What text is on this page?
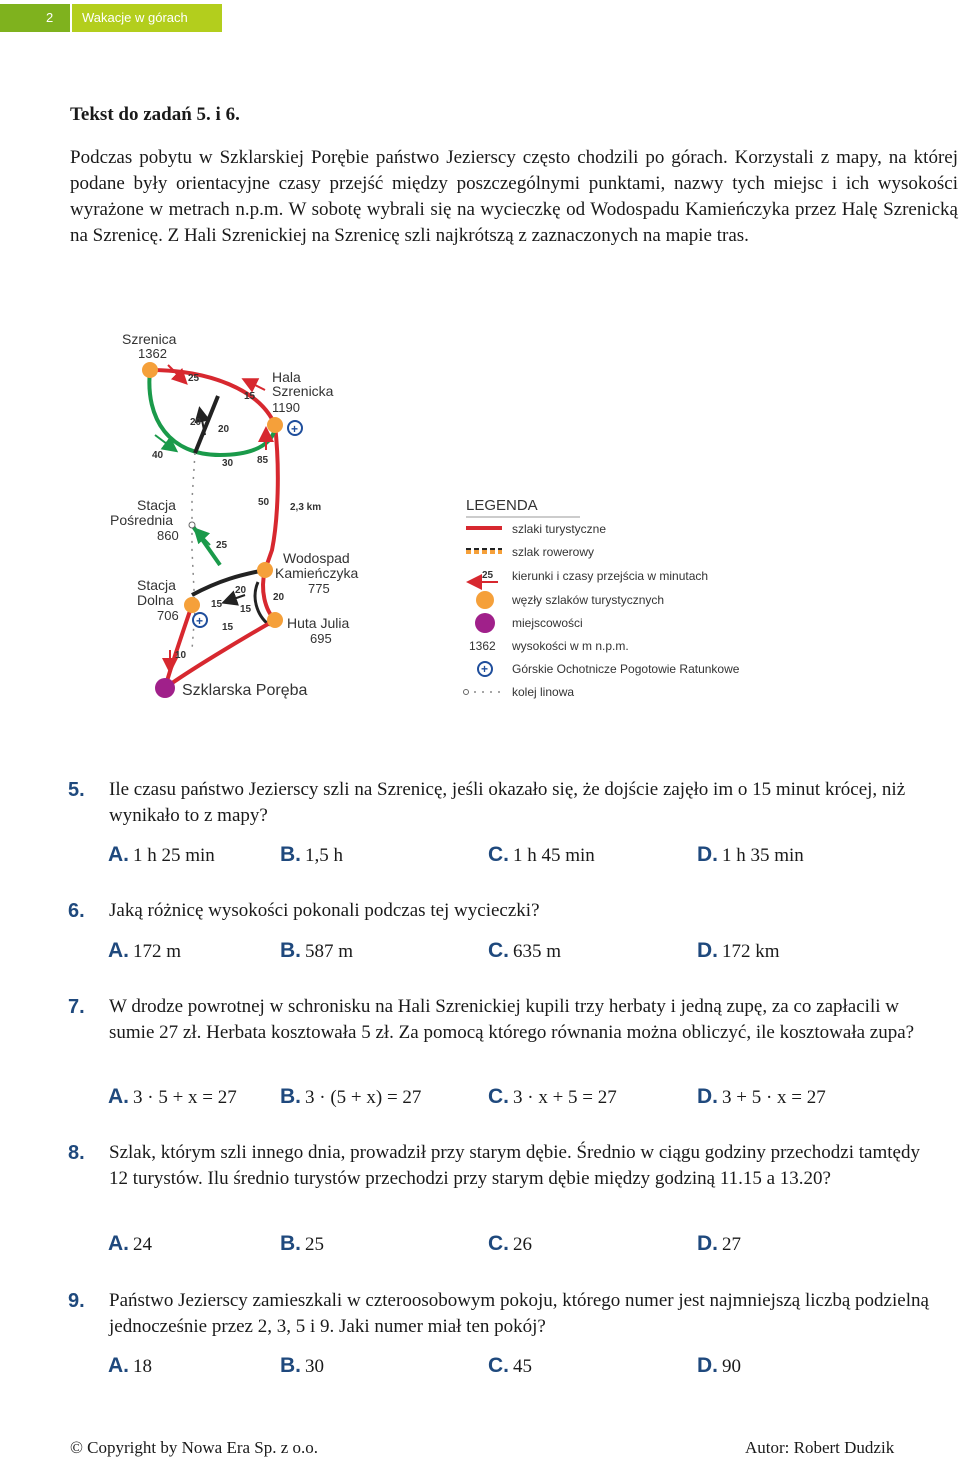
2 Wakacje w górach
Tekst do zadań 5. i 6.
Podczas pobytu w Szklarskiej Porębie państwo Jezierscy często chodzili po górach. Korzystali z mapy, na której podane były orientacyjne czasy przejść między poszczególnymi punktami, nazwy tych miejsc i ich wysokości wyrażone w metrach n.p.m. W sobotę wybrali się na wycieczkę od Wodospadu Kamieńczyka przez Halę Szrenicką na Szrenicę. Z Hali Szrenickiej na Szrenicę szli najkrótszą z zaznaczonych na mapie tras.
+
+
Szrenica
1362
Hala
Szrenicka
1190
Stacja
Pośrednia
860
Stacja
Dolna
706
Wodospad
Kamieńczyka
775
Huta Julia
695
Szklarska Poręba
25
15
20
20
40
30 85
50 2,3 km
25
20
15 15
20
15
10
LEGENDA
szlaki turystyczne
szlak rowerowy
25 kierunki i czasy przejścia w minutach
węzły szlaków turystycznych
miejscowości
1362 wysokości w m n.p.m.
+ Górskie Ochotnicze Pogotowie Ratunkowe
kolej linowa
5. Ile czasu państwo Jezierscy szli na Szrenicę, jeśli okazało się, że dojście zajęło im o 15 minut krócej, niż wynikało to z mapy?
A. 1 h 25 min	B. 1,5 h	C. 1 h 45 min	D. 1 h 35 min
6. Jaką różnicę wysokości pokonali podczas tej wycieczki?
A. 172 m	B. 587 m	C. 635 m	D. 172 km
7. W drodze powrotnej w schronisku na Hali Szrenickiej kupili trzy herbaty i jedną zupę, za co zapłacili w sumie 27 zł. Herbata kosztowała 5 zł. Za pomocą którego równania można obliczyć, ile kosztowała zupa?
A. 3 · 5 + x = 27 B. 3 · (5 + x) = 27	C. 3 · x + 5 = 27	D. 3 + 5 · x = 27
8. Szlak, którym szli innego dnia, prowadził przy starym dębie. Średnio w ciągu godziny przechodzi tamtędy 12 turystów. Ilu średnio turystów przechodzi przy starym dębie między godziną 11.15 a 13.20?
A. 24	B. 25	C. 26	D. 27
9. Państwo Jezierscy zamieszkali w czteroosobowym pokoju, którego numer jest najmniejszą liczbą podzielną jednocześnie przez 2, 3, 5 i 9. Jaki numer miał ten pokój?
A. 18	B. 30	C. 45	D. 90
© Copyright by Nowa Era Sp. z o.o.	Autor: Robert Dudzik
